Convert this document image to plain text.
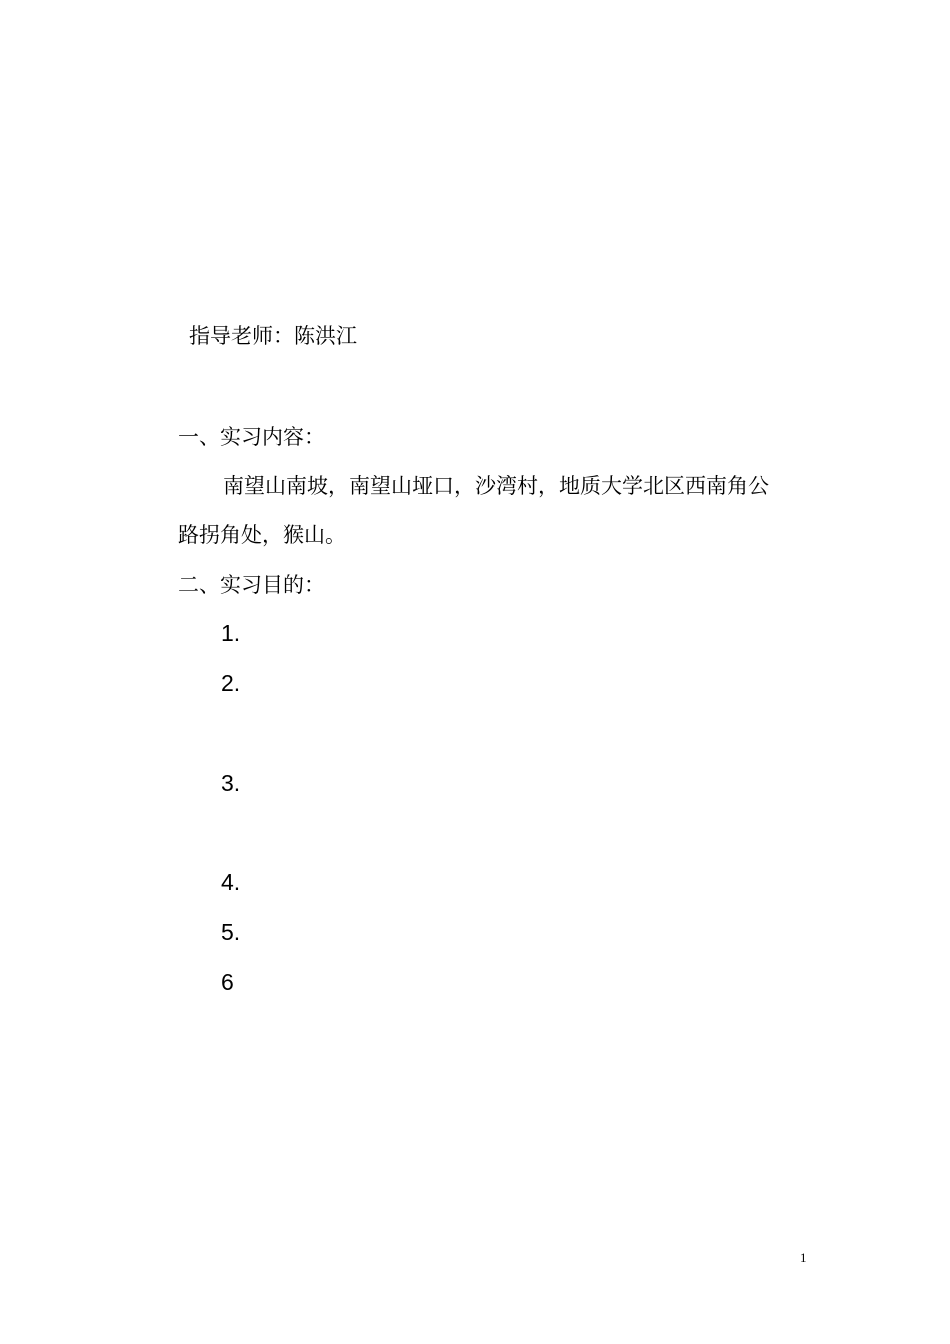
指导老师：陈洪江
一、实习内容：
南望山南坡，南望山垭口，沙湾村，地质大学北区西南角公
路拐角处，猴山。
二、实习目的：
1.
2.
3.
4.
5.
6
1
